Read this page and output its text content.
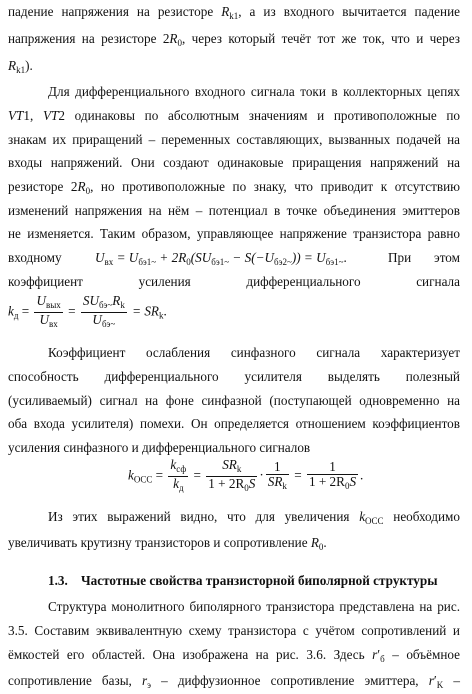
падение напряжения на резисторе $R_{k1}$, а из входного вычитается падение
напряжения на резисторе $2R_0$, через который течёт тот же ток, что и через
$R_{k1}$).
Для дифференциального входного сигнала токи в коллекторных цепях
VT1, VT2 одинаковы по абсолютным значениям и противоположные по
знакам их приращений – переменных составляющих, вызванных подачей на
входы напряжений. Они создают одинаковые приращения напряжений на
резисторе $2R_0$, но противоположные по знаку, что приводит к отсутствию
изменений напряжения на нём – потенциал в точке объединения эмиттеров
не изменяется. Таким образом, управляющее напряжение транзистора равно
входному	$U_{вх} = U_{бэ1\sim} + 2R_0(SU_{бэ1\sim} - S(-U_{бэ2\sim})) = U_{бэ1\sim}$.	При этом
коэффициент усиления дифференциального сигнала
$k_д = \frac{U_{вых}}{U_{вх}} = \frac{SU_{бэ\sim}R_k}{U_{бэ\sim}} = SR_k$.
Коэффициент ослабления синфазного сигнала характеризует
способность дифференциального усилителя выделять полезный
(усиливаемый) сигнал на фоне синфазной (поступающей одновременно на
оба входа усилителя) помехи. Он определяется отношением коэффициентов
усиления синфазного и дифференциального сигналов
$k_{OCC} = \frac{k_{сф}}{k_д} = \frac{SR_k}{1 + 2R_0S} \cdot \frac{1}{SR_k} = \frac{1}{1 + 2R_0S}$ .
Из этих выражений видно, что для увеличения $k_{OCC}$ необходимо
увеличивать крутизну транзисторов и сопротивление $R_0$.
1.3. Частотные свойства транзисторной биполярной структуры
Структура монолитного биполярного транзистора представлена на рис.
3.5. Составим эквивалентную схему транзистора с учётом сопротивлений и
ёмкостей его областей. Она изображена на рис. 3.6. Здесь $r'_б$ – объёмное
сопротивление базы, $r_э$ – диффузионное сопротивление эмиттера, $r'_K$ –
